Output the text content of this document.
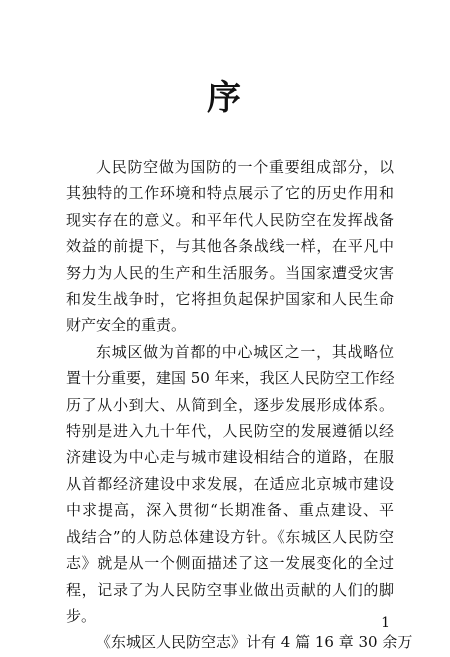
序
人民防空做为国防的一个重要组成部分，以
其独特的工作环境和特点展示了它的历史作用和
现实存在的意义。和平年代人民防空在发挥战备
效益的前提下，与其他各条战线一样，在平凡中
努力为人民的生产和生活服务。当国家遭受灾害
和发生战争时，它将担负起保护国家和人民生命
财产安全的重责。
东城区做为首都的中心城区之一，其战略位
置十分重要，建国 50 年来，我区人民防空工作经
历了从小到大、从简到全，逐步发展形成体系。
特别是进入九十年代，人民防空的发展遵循以经
济建设为中心走与城市建设相结合的道路，在服
从首都经济建设中求发展，在适应北京城市建设
中求提高，深入贯彻“长期准备、重点建设、平
战结合”的人防总体建设方针。《东城区人民防空
志》就是从一个侧面描述了这一发展变化的全过
程，记录了为人民防空事业做出贡献的人们的脚
步。
《东城区人民防空志》计有 4 篇 16 章 30 余万
1
